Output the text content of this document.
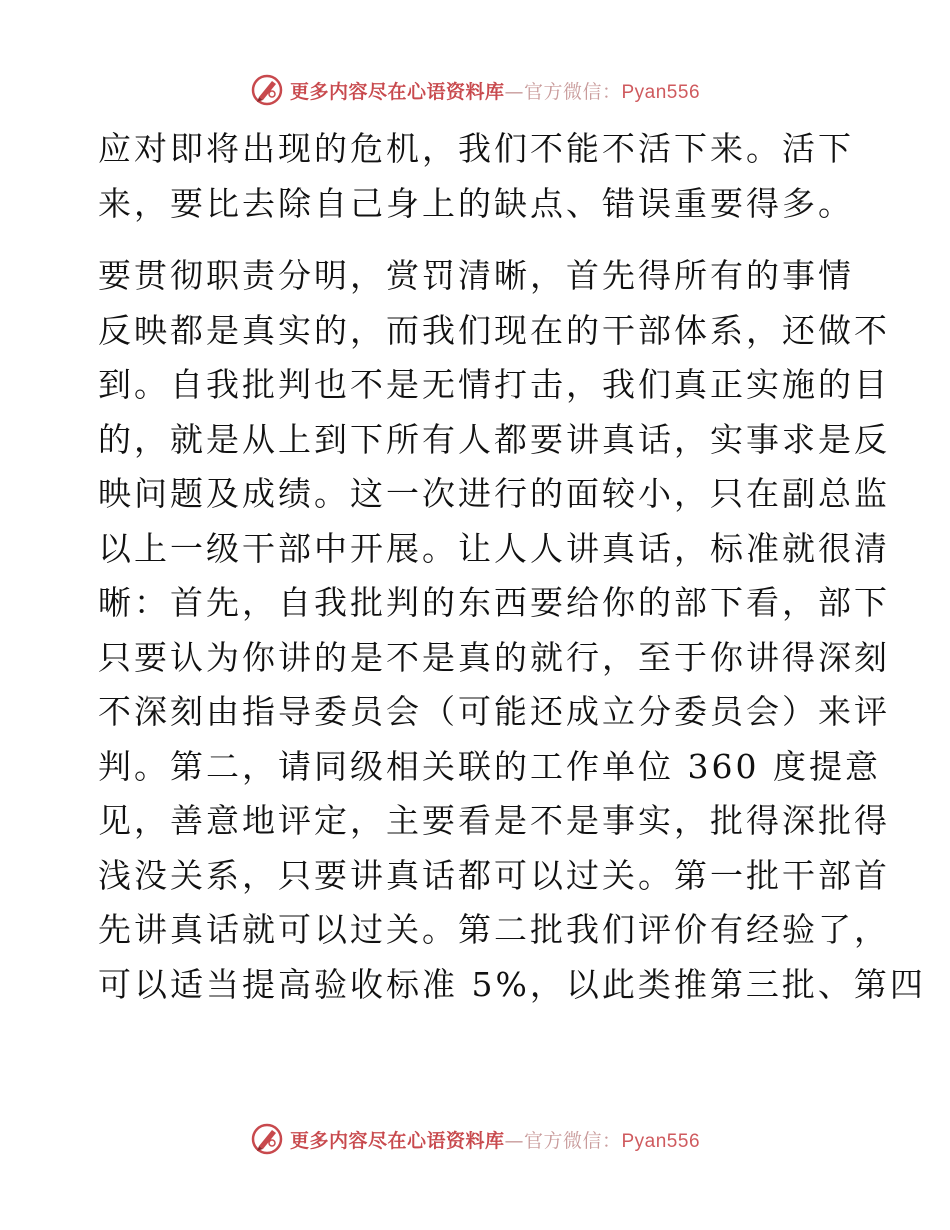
更多内容尽在心语资料库—官方微信：Pyan556

应对即将出现的危机，我们不能不活下来。活下
来，要比去除自己身上的缺点、错误重要得多。

要贯彻职责分明，赏罚清晰，首先得所有的事情
反映都是真实的，而我们现在的干部体系，还做不
到。自我批判也不是无情打击，我们真正实施的目
的，就是从上到下所有人都要讲真话，实事求是反
映问题及成绩。这一次进行的面较小，只在副总监
以上一级干部中开展。让人人讲真话，标准就很清
晰：首先，自我批判的东西要给你的部下看，部下
只要认为你讲的是不是真的就行，至于你讲得深刻
不深刻由指导委员会（可能还成立分委员会）来评
判。第二，请同级相关联的工作单位 360 度提意
见，善意地评定，主要看是不是事实，批得深批得
浅没关系，只要讲真话都可以过关。第一批干部首
先讲真话就可以过关。第二批我们评价有经验了，
可以适当提高验收标准 5%，以此类推第三批、第四

更多内容尽在心语资料库—官方微信：Pyan556
